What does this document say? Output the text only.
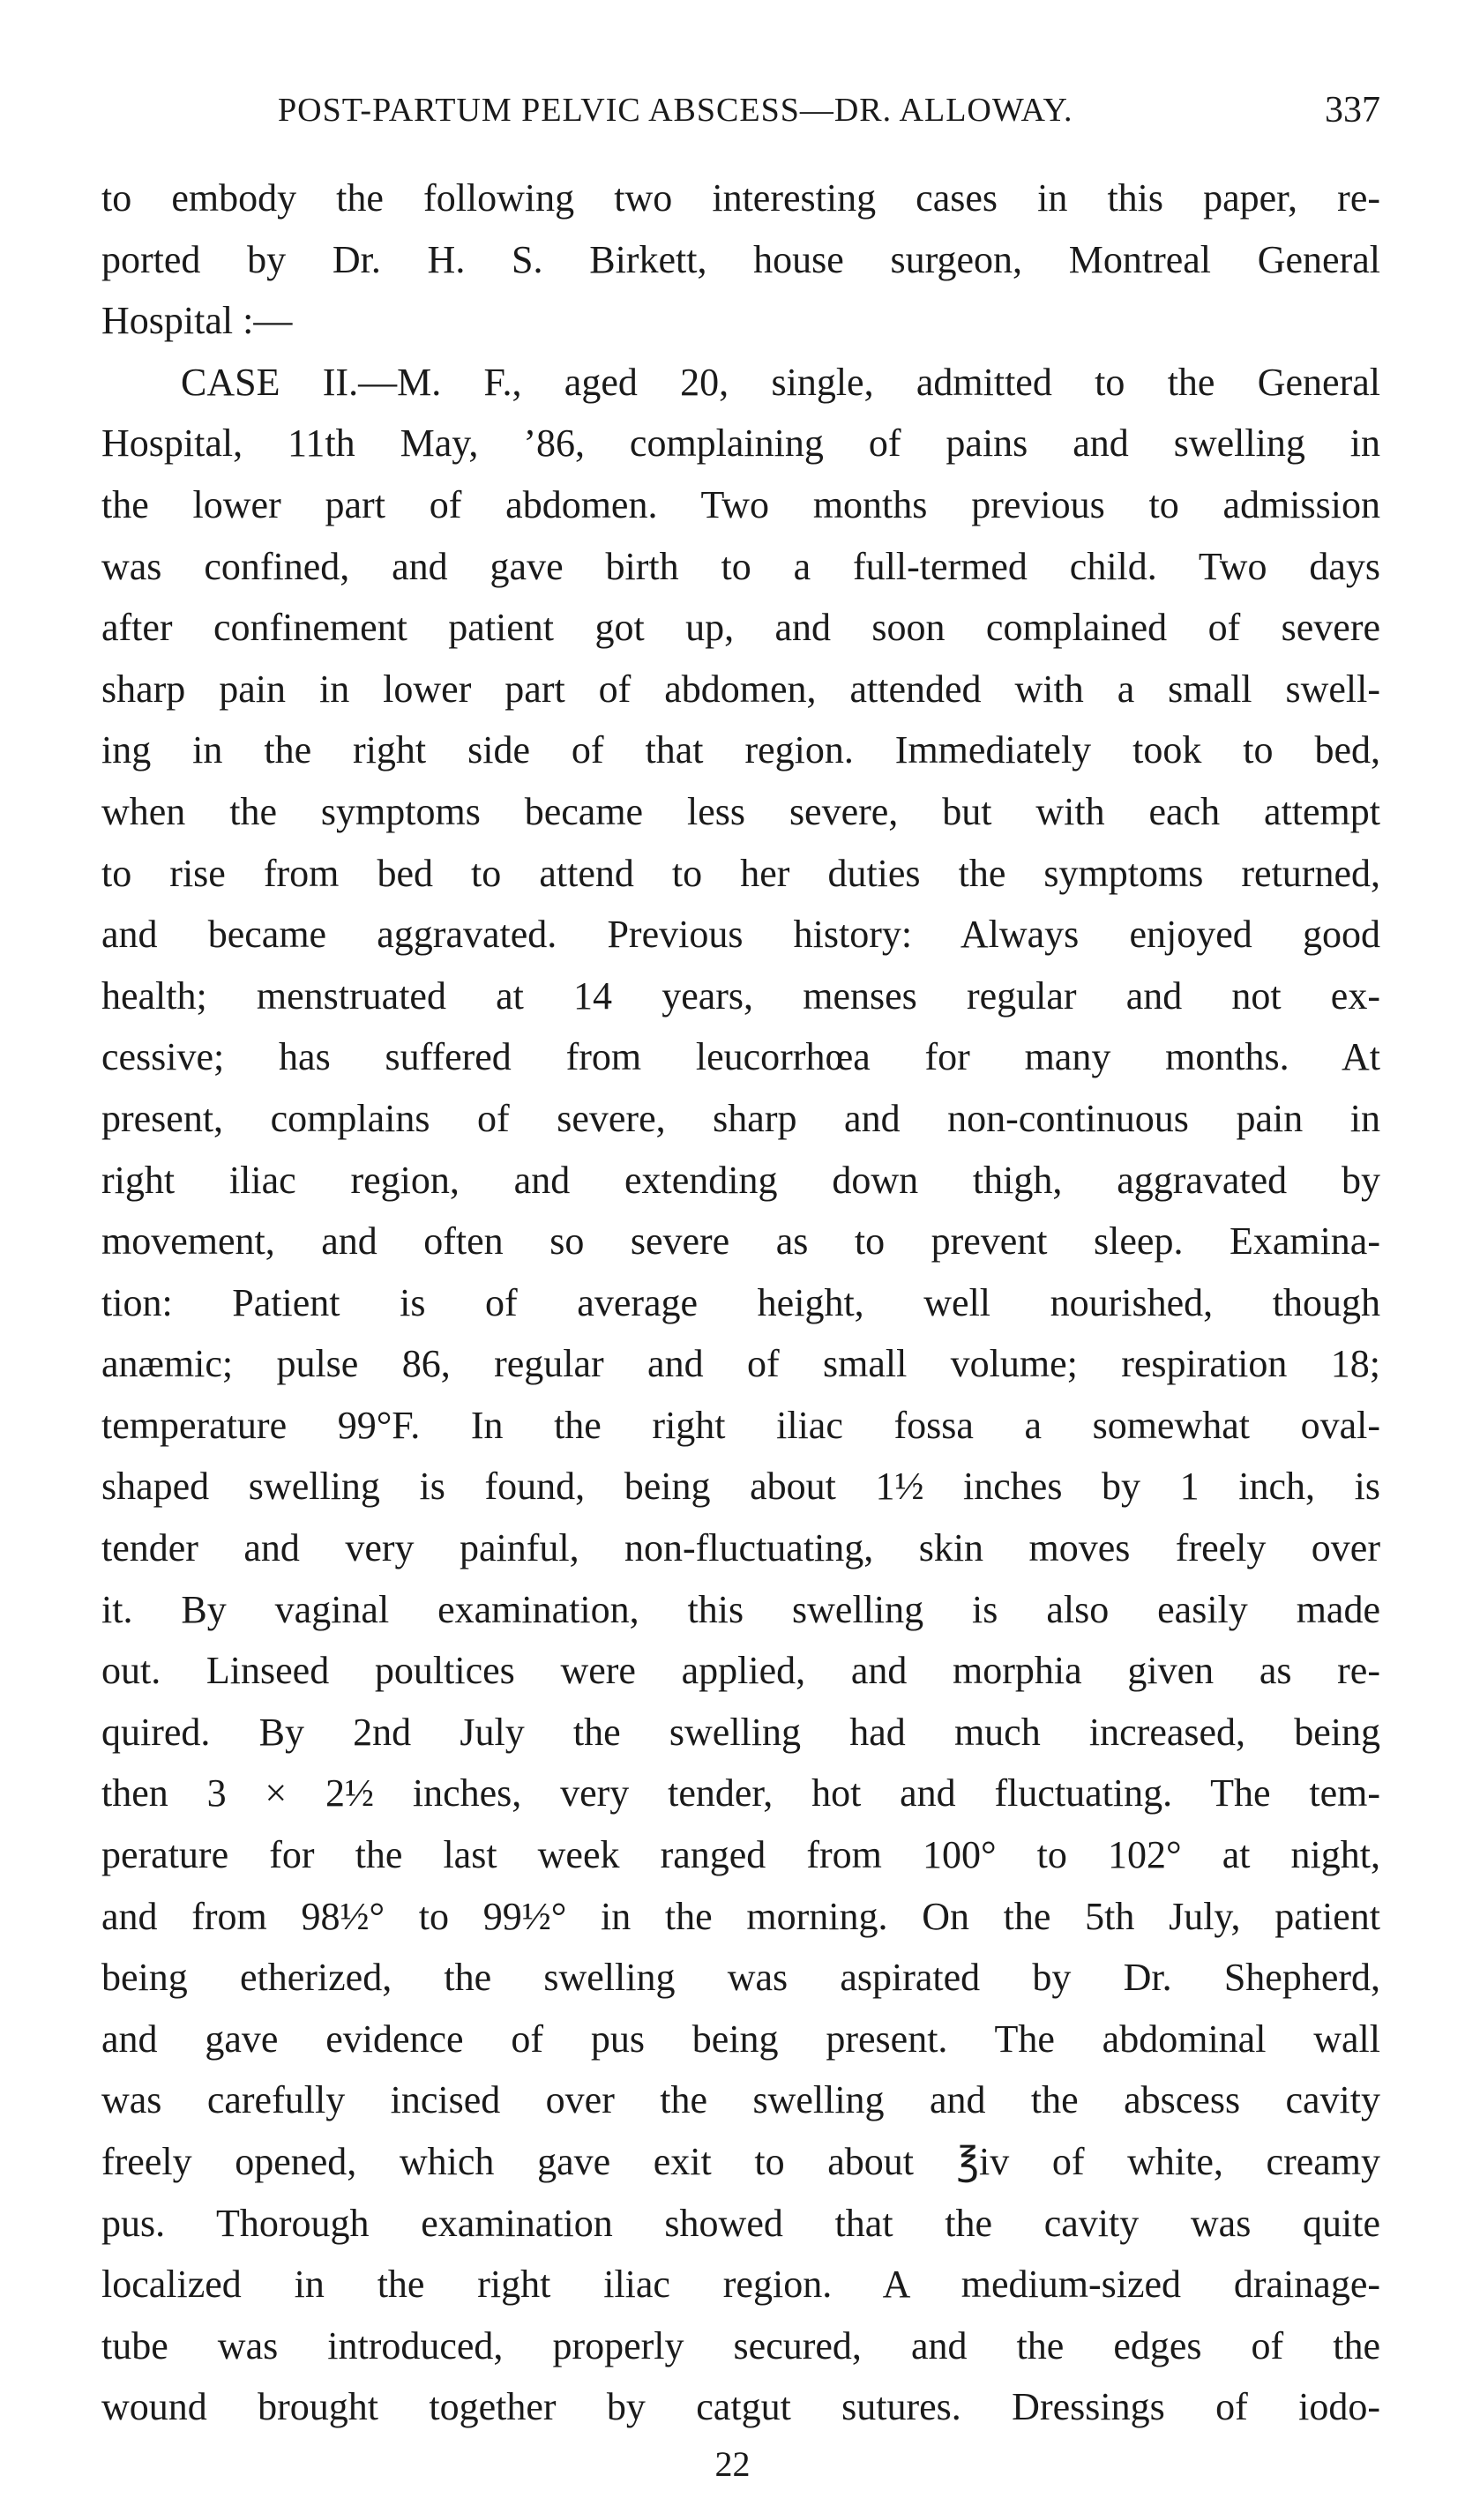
POST-PARTUM PELVIC ABSCESS—DR. ALLOWAY.	337
to embody the following two interesting cases in this paper, re-
ported by Dr. H. S. Birkett, house surgeon, Montreal General
Hospital :—
CASE II.—M. F., aged 20, single, admitted to the General
Hospital, 11th May, ’86, complaining of pains and swelling in
the lower part of abdomen. Two months previous to admission
was confined, and gave birth to a full-termed child. Two days
after confinement patient got up, and soon complained of severe
sharp pain in lower part of abdomen, attended with a small swell-
ing in the right side of that region. Immediately took to bed,
when the symptoms became less severe, but with each attempt
to rise from bed to attend to her duties the symptoms returned,
and became aggravated. Previous history: Always enjoyed good
health; menstruated at 14 years, menses regular and not ex-
cessive; has suffered from leucorrhœa for many months. At
present, complains of severe, sharp and non-continuous pain in
right iliac region, and extending down thigh, aggravated by
movement, and often so severe as to prevent sleep. Examina-
tion: Patient is of average height, well nourished, though
anæmic; pulse 86, regular and of small volume; respiration 18;
temperature 99°F. In the right iliac fossa a somewhat oval-
shaped swelling is found, being about 1½ inches by 1 inch, is
tender and very painful, non-fluctuating, skin moves freely over
it. By vaginal examination, this swelling is also easily made
out. Linseed poultices were applied, and morphia given as re-
quired. By 2nd July the swelling had much increased, being
then 3 × 2½ inches, very tender, hot and fluctuating. The tem-
perature for the last week ranged from 100° to 102° at night,
and from 98½° to 99½° in the morning. On the 5th July, patient
being etherized, the swelling was aspirated by Dr. Shepherd,
and gave evidence of pus being present. The abdominal wall
was carefully incised over the swelling and the abscess cavity
freely opened, which gave exit to about ℥iv of white, creamy
pus. Thorough examination showed that the cavity was quite
localized in the right iliac region. A medium-sized drainage-
tube was introduced, properly secured, and the edges of the
wound brought together by catgut sutures. Dressings of iodo-
22
